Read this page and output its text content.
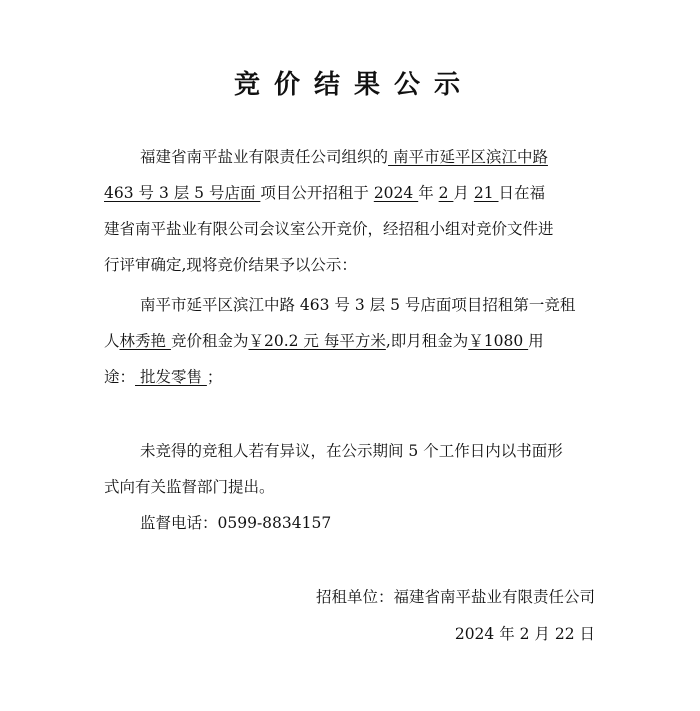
竞价结果公示
福建省南平盐业有限责任公司组织的 南平市延平区滨江中路
463 号 3 层 5 号店面 项目公开招租于 2024 年 2 月 21 日在福
建省南平盐业有限公司会议室公开竞价，经招租小组对竞价文件进
行评审确定,现将竞价结果予以公示：
南平市延平区滨江中路 463 号 3 层 5 号店面项目招租第一竞租
人林秀艳 竞价租金为￥20.2 元 每平方米,即月租金为￥1080 用
途： 批发零售 ；
未竞得的竞租人若有异议，在公示期间 5 个工作日内以书面形
式向有关监督部门提出。
监督电话：0599-8834157
招租单位：福建省南平盐业有限责任公司
2024 年 2 月 22 日
